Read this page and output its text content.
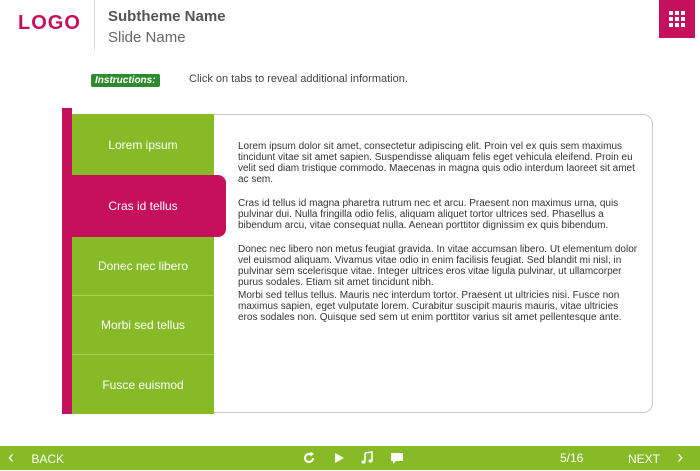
LOGO Subtheme Name
Slide Name
Instructions:	Click on tabs to reveal additional information.
Lorem ipsum
Donec nec libero
Morbi sed tellus
Fusce euismod
Cras id tellus

Lorem ipsum dolor sit amet, consectetur adipiscing elit. Proin vel ex quis sem maximus tincidunt vitae sit amet sapien. Suspendisse aliquam felis eget vehicula eleifend. Proin eu velit sed diam tristique commodo. Maecenas in magna quis odio interdum laoreet sit amet ac sem.

Cras id tellus id magna pharetra rutrum nec et arcu. Praesent non maximus urna, quis pulvinar dui. Nulla fringilla odio felis, aliquam aliquet tortor ultrices sed. Phasellus a bibendum arcu, vitae consequat nulla. Aenean porttitor dignissim ex quis bibendum.

Donec nec libero non metus feugiat gravida. In vitae accumsan libero. Ut elementum dolor vel euismod aliquam. Vivamus vitae odio in enim facilisis feugiat. Sed blandit mi nisl, in pulvinar sem scelerisque vitae. Integer ultrices eros vitae ligula pulvinar, ut ullamcorper purus sodales. Etiam sit amet tincidunt nibh.

Morbi sed tellus tellus. Mauris nec interdum tortor. Praesent ut ultricies nisi. Fusce non maximus sapien, eget vulputate lorem. Curabitur suscipit mauris mauris, vitae ultricies eros sodales non. Quisque sed sem ut enim porttitor varius sit amet pellentesque ante.

‹ BACK	5/16	NEXT ›
